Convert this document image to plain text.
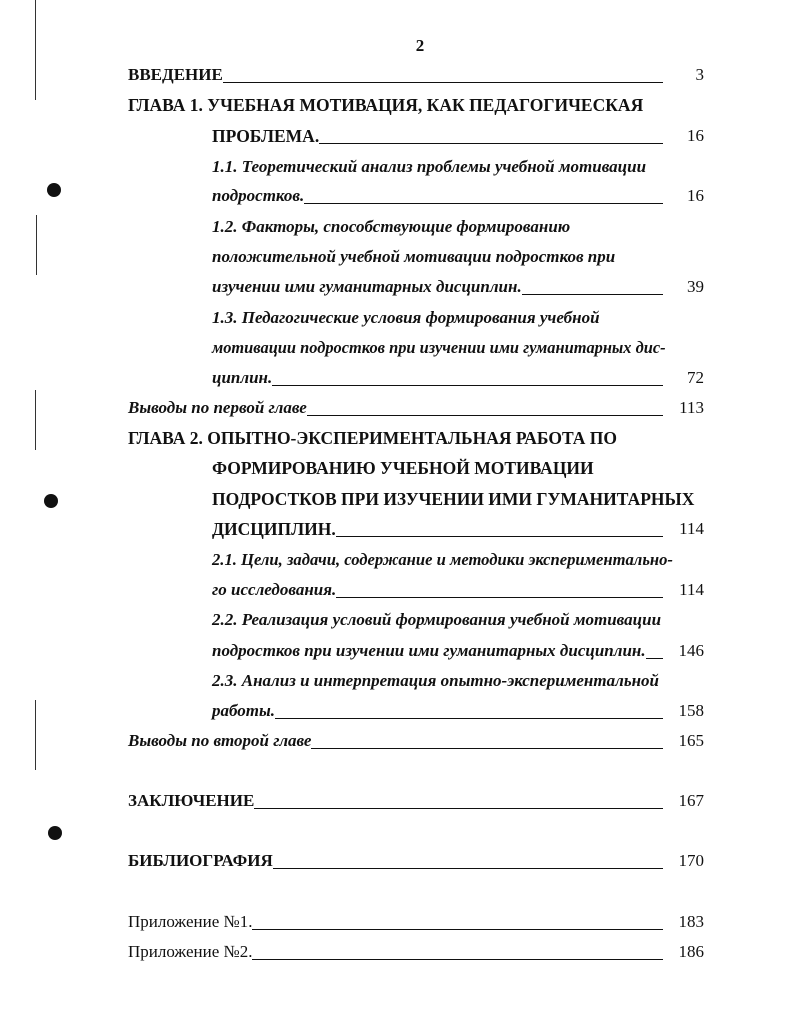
2
ВВЕДЕНИЕ	3
ГЛАВА 1. УЧЕБНАЯ МОТИВАЦИЯ, КАК ПЕДАГОГИЧЕСКАЯ
ПРОБЛЕМА.	16
1.1. Теоретический анализ проблемы учебной мотивации
подростков.	16
1.2. Факторы, способствующие формированию
положительной учебной мотивации подростков при
изучении ими гуманитарных дисциплин.	39
1.3. Педагогические условия формирования учебной
мотивации подростков при изучении ими гуманитарных дис-
циплин.	72
Выводы по первой главе	113
ГЛАВА 2. ОПЫТНО-ЭКСПЕРИМЕНТАЛЬНАЯ РАБОТА ПО
ФОРМИРОВАНИЮ УЧЕБНОЙ МОТИВАЦИИ
ПОДРОСТКОВ ПРИ ИЗУЧЕНИИ ИМИ ГУМАНИТАРНЫХ
ДИСЦИПЛИН.	114
2.1. Цели, задачи, содержание и методики экспериментально-
го исследования.	114
2.2. Реализация условий формирования учебной мотивации
подростков при изучении ими гуманитарных дисциплин.	146
2.3. Анализ и интерпретация опытно-экспериментальной
работы.	158
Выводы по второй главе	165
ЗАКЛЮЧЕНИЕ	167
БИБЛИОГРАФИЯ	170
Приложение №1.	183
Приложение №2.	186
